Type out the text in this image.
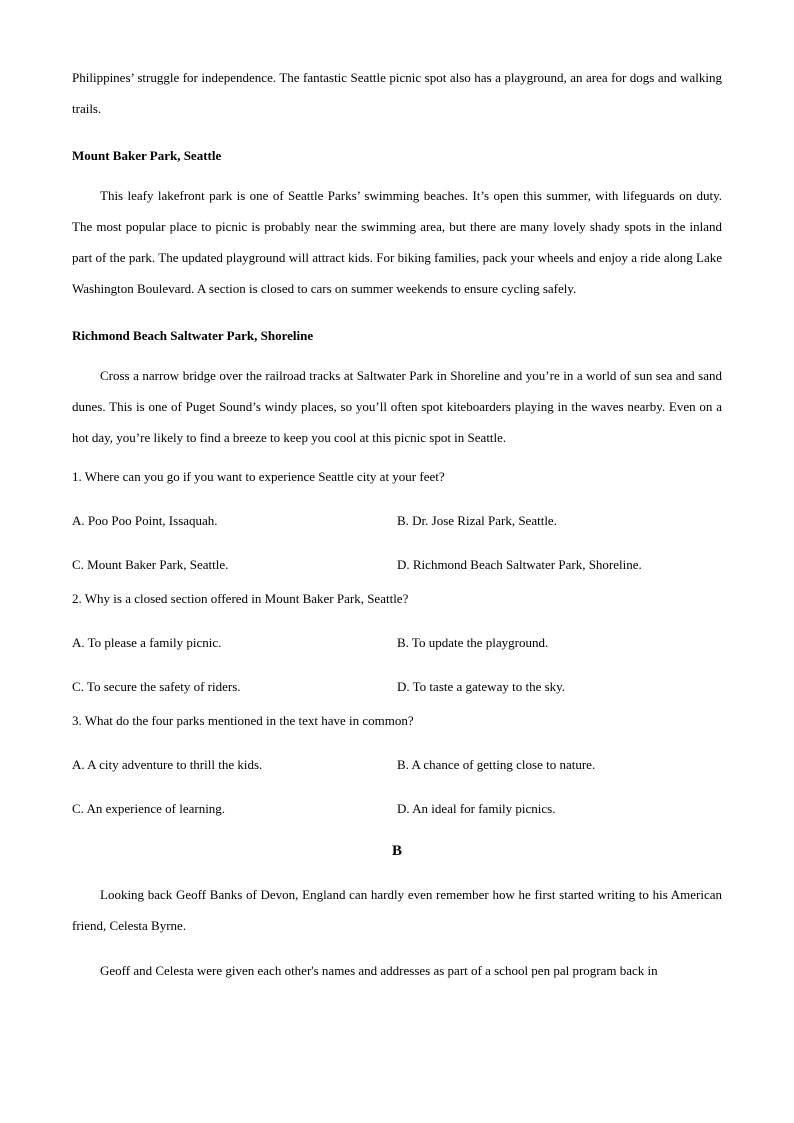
Philippines’ struggle for independence. The fantastic Seattle picnic spot also has a playground, an area for dogs and walking trails.

Mount Baker Park, Seattle

This leafy lakefront park is one of Seattle Parks’ swimming beaches. It’s open this summer, with lifeguards on duty. The most popular place to picnic is probably near the swimming area, but there are many lovely shady spots in the inland part of the park. The updated playground will attract kids. For biking families, pack your wheels and enjoy a ride along Lake Washington Boulevard. A section is closed to cars on summer weekends to ensure cycling safely.

Richmond Beach Saltwater Park, Shoreline

Cross a narrow bridge over the railroad tracks at Saltwater Park in Shoreline and you’re in a world of sun sea and sand dunes. This is one of Puget Sound’s windy places, so you’ll often spot kiteboarders playing in the waves nearby. Even on a hot day, you’re likely to find a breeze to keep you cool at this picnic spot in Seattle.

1. Where can you go if you want to experience Seattle city at your feet?

A. Poo Poo Point, Issaquah.	B. Dr. Jose Rizal Park, Seattle.
C. Mount Baker Park, Seattle.	D. Richmond Beach Saltwater Park, Shoreline.

2. Why is a closed section offered in Mount Baker Park, Seattle?

A. To please a family picnic.	B. To update the playground.
C. To secure the safety of riders.	D. To taste a gateway to the sky.

3. What do the four parks mentioned in the text have in common?

A. A city adventure to thrill the kids.	B. A chance of getting close to nature.
C. An experience of learning.	D. An ideal for family picnics.

B

Looking back Geoff Banks of Devon, England can hardly even remember how he first started writing to his American friend, Celesta Byrne.

Geoff and Celesta were given each other's names and addresses as part of a school pen pal program back in
